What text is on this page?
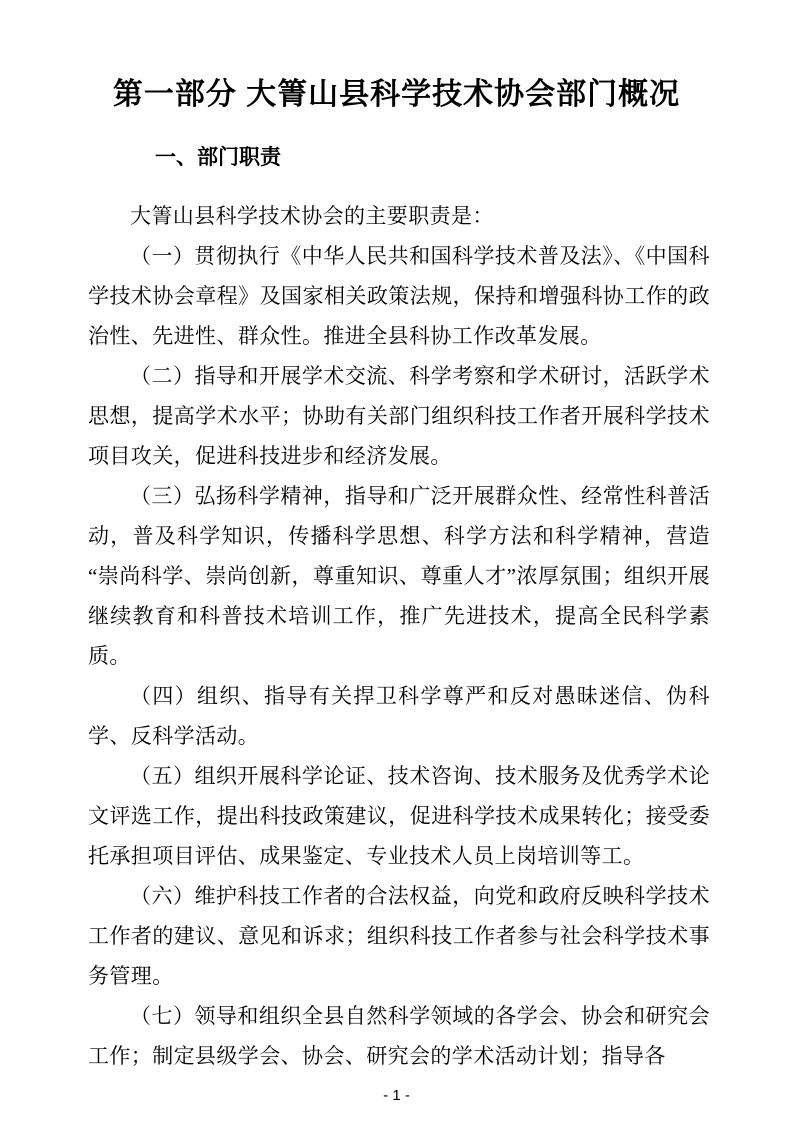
第一部分 大箐山县科学技术协会部门概况
一、部门职责

大箐山县科学技术协会的主要职责是：

（一）贯彻执行《中华人民共和国科学技术普及法》、《中国科学技术协会章程》及国家相关政策法规，保持和增强科协工作的政治性、先进性、群众性。推进全县科协工作改革发展。

（二）指导和开展学术交流、科学考察和学术研讨，活跃学术思想，提高学术水平；协助有关部门组织科技工作者开展科学技术项目攻关，促进科技进步和经济发展。

（三）弘扬科学精神，指导和广泛开展群众性、经常性科普活动，普及科学知识，传播科学思想、科学方法和科学精神，营造“崇尚科学、崇尚创新，尊重知识、尊重人才”浓厚氛围；组织开展继续教育和科普技术培训工作，推广先进技术，提高全民科学素质。

（四）组织、指导有关捍卫科学尊严和反对愚昧迷信、伪科学、反科学活动。

（五）组织开展科学论证、技术咨询、技术服务及优秀学术论文评选工作，提出科技政策建议，促进科学技术成果转化；接受委托承担项目评估、成果鉴定、专业技术人员上岗培训等工。

（六）维护科技工作者的合法权益，向党和政府反映科学技术工作者的建议、意见和诉求；组织科技工作者参与社会科学技术事务管理。

（七）领导和组织全县自然科学领域的各学会、协会和研究会工作；制定县级学会、协会、研究会的学术活动计划；指导各

- 1 -
